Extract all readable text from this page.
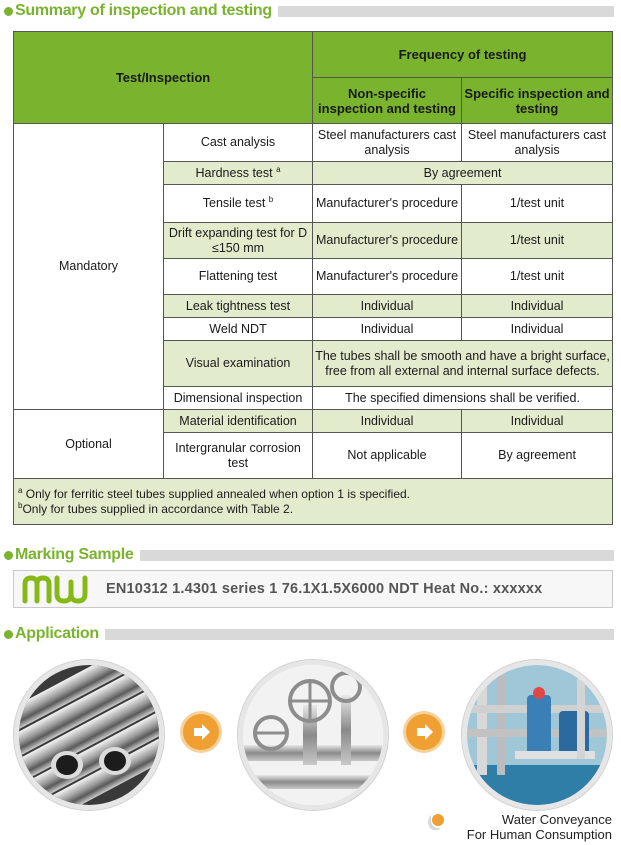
Summary of inspection and testing
Test/Inspection		Frequency of testing	
		Non-specific inspection and testing	Specific inspection and testing
Mandatory	Cast analysis	Steel manufacturers cast analysis	Steel manufacturers cast analysis
	Hardness test $^a$	By agreement	
	Tensile test $^b$	Manufacturer's procedure	1/test unit
	Drift expanding test for D ≤150 mm	Manufacturer's procedure	1/test unit
	Flattening test	Manufacturer's procedure	1/test unit
	Leak tightness test	Individual	Individual
	Weld NDT	Individual	Individual
	Visual examination	The tubes shall be smooth and have a bright surface, free from all external and internal surface defects.	
	Dimensional inspection	The specified dimensions shall be verified.	
Optional	Material identification	Individual	Individual
	Intergranular corrosion test	Not applicable	By agreement

$^a$ Only for ferritic steel tubes supplied annealed when option 1 is specified.
$^b$Only for tubes supplied in accordance with Table 2.			
Marking Sample
EN10312 1.4301 series 1 76.1X1.5X6000 NDT Heat No.: xxxxxx
Application
Water Conveyance
For Human Consumption
